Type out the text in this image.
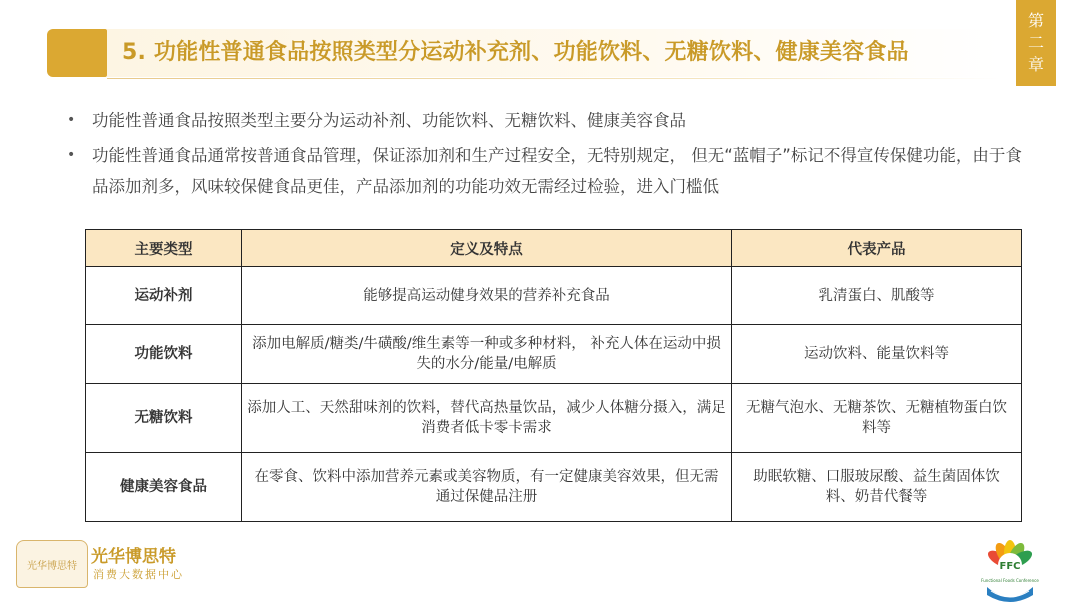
5. 功能性普通食品按照类型分运动补充剂、功能饮料、无糖饮料、健康美容食品
第
二
章
• 功能性普通食品按照类型主要分为运动补剂、功能饮料、无糖饮料、健康美容食品
• 功能性普通食品通常按普通食品管理，保证添加剂和生产过程安全，无特别规定， 但无“蓝帽子”标记不得宣传保健功能，由于食品添加剂多，风味较保健食品更佳，产品添加剂的功能功效无需经过检验，进入门槛低
主要类型	定义及特点	代表产品
运动补剂	能够提高运动健身效果的营养补充食品	乳清蛋白、肌酸等
功能饮料	添加电解质/糖类/牛磺酸/维生素等一种或多种材料， 补充人体在运动中损失的水分/能量/电解质	运动饮料、能量饮料等
无糖饮料	添加人工、天然甜味剂的饮料，替代高热量饮品，减少人体糖分摄入，满足消费者低卡零卡需求	无糖气泡水、无糖茶饮、无糖植物蛋白饮料等
健康美容食品	在零食、饮料中添加营养元素或美容物质，有一定健康美容效果，但无需通过保健品注册	助眠软糖、口服玻尿酸、益生菌固体饮料、奶昔代餐等
光华博思特 光华博思特
消费大数据中心
FFC
Functional Foods Conference
